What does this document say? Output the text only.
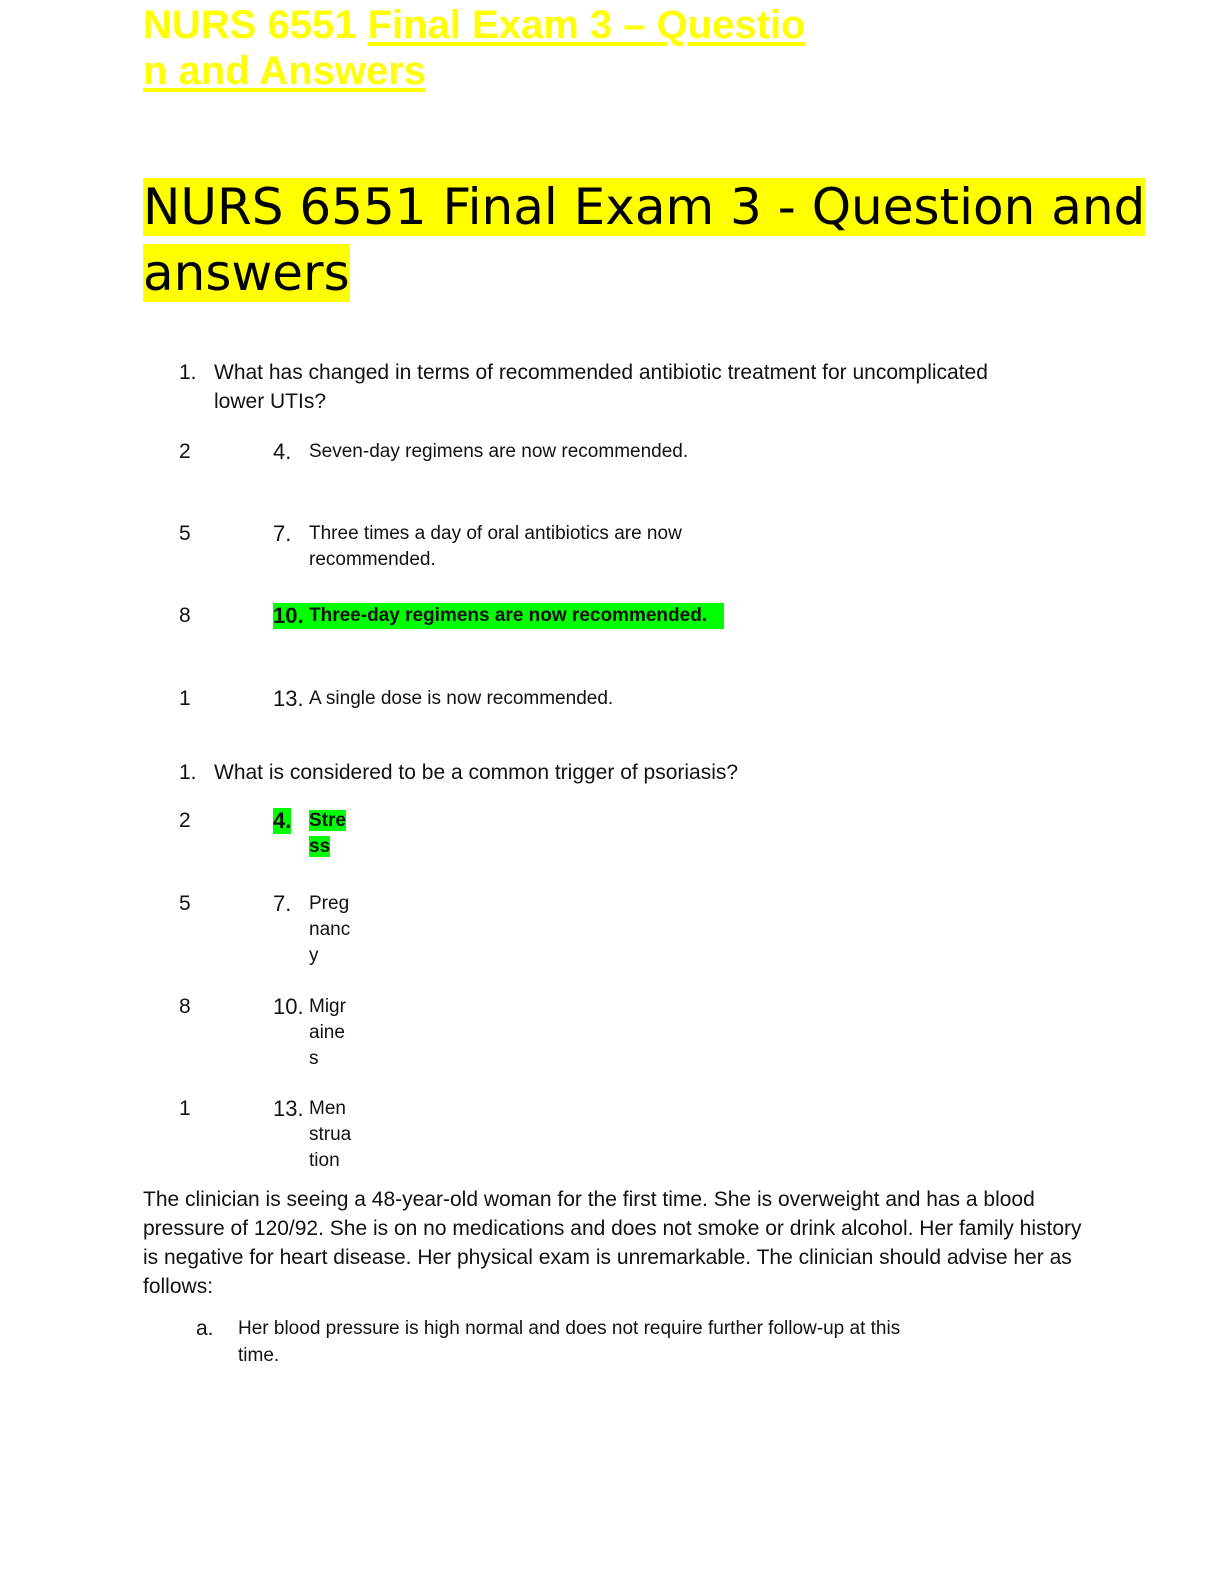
NURS 6551 Final Exam 3 – Questio
n and Answers
NURS 6551 Final Exam 3 - Question and
answers
1. What has changed in terms of recommended antibiotic treatment for uncomplicated lower UTIs?
2	4. Seven-day regimens are now recommended.
5	7. Three times a day of oral antibiotics are now recommended.
8	10. Three-day regimens are now recommended.
1	13. A single dose is now recommended.
1. What is considered to be a common trigger of psoriasis?
2	4. Stress
5	7. Pregnancy
8	10. Migraines
1	13. Menstruation
The clinician is seeing a 48-year-old woman for the first time. She is overweight and has a blood pressure of 120/92. She is on no medications and does not smoke or drink alcohol. Her family history is negative for heart disease. Her physical exam is unremarkable. The clinician should advise her as follows:
a. Her blood pressure is high normal and does not require further follow-up at this time.
